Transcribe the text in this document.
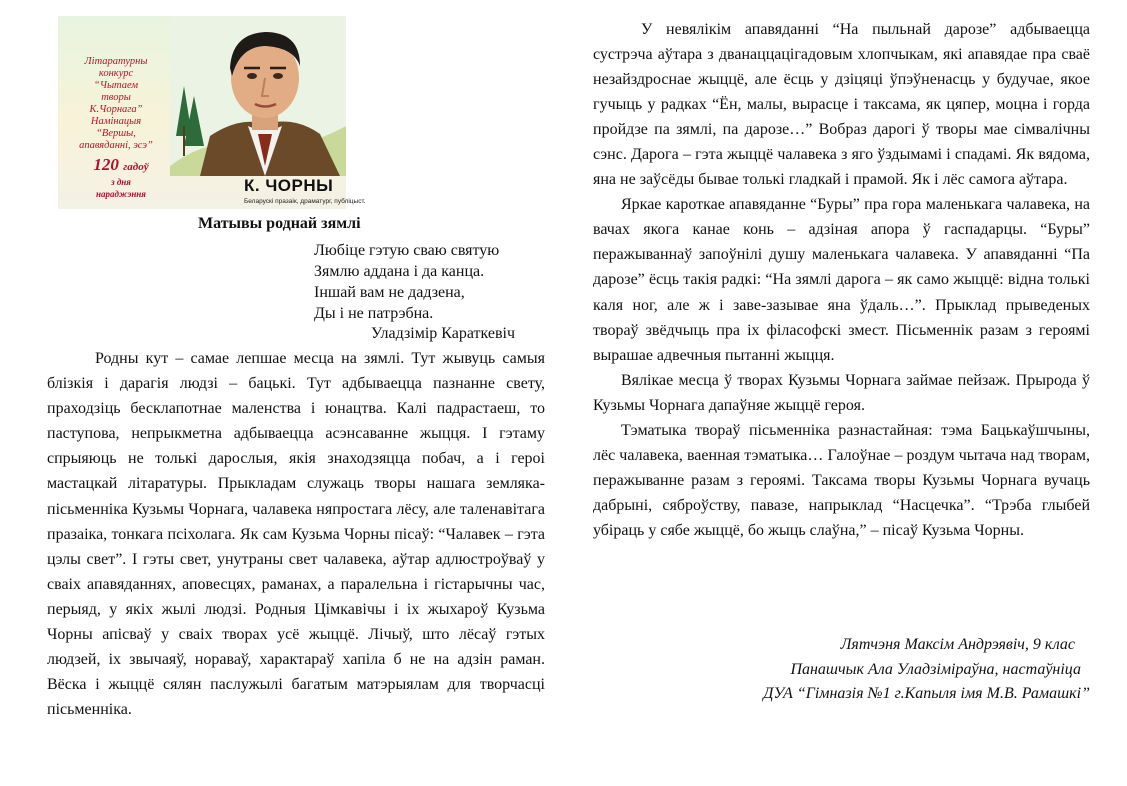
Літаратурны
конкурс
“Чытаем
творы
К.Чорнага”
Намінацыя
“Вершы,
апавяданні, эсэ”
120 гадоў
з дня нараджэння	К. ЧОРНЫ
Беларускі празаік, драматург, публіцыст.
Матывы роднай зямлі
Любіце гэтую сваю святую
Зямлю аддана і да канца.
Іншай вам не дадзена,
Ды і не патрэбна.
Уладзімір Караткевіч

Родны кут – самае лепшае месца на зямлі. Тут жывуць самыя блізкія і дарагія людзі – бацькі. Тут адбываецца пазнанне свету, праходзіць бесклапотнае маленства і юнацтва. Калі падрастаеш, то паступова, непрыкметна адбываецца асэнсаванне жыцця. І гэтаму спрыяюць не толькі дарослыя, якія знаходзяцца побач, а і героі мастацкай літаратуры. Прыкладам служаць творы нашага земляка-пісьменніка Кузьмы Чорнага, чалавека няпростага лёсу, але таленавітага празаіка, тонкага псіхолага. Як сам Кузьма Чорны пісаў: “Чалавек – гэта цэлы свет”. І гэты свет, унутраны свет чалавека, аўтар адлюстроўваў у сваіх апавяданнях, аповесцях, раманах, а паралельна і гістарычны час, перыяд, у якіх жылі людзі. Родныя Цімкавічы і іх жыхароў Кузьма Чорны апісваў у сваіх творах усё жыццё. Лічыў, што лёсаў гэтых людзей, іх звычаяў, нораваў, характараў хапіла б не на адзін раман. Вёска і жыццё сялян паслужылі багатым матэрыялам для творчасці пісьменніка.

У невялікім апавяданні “На пыльнай дарозе” адбываецца сустрэча аўтара з дванаццацігадовым хлопчыкам, які апавядае пра сваё незайздроснае жыццё, але ёсць у дзіцяці ўпэўненасць у будучае, якое гучыць у радках “Ён, малы, вырасце і таксама, як цяпер, моцна і горда пройдзе па зямлі, па дарозе…” Вобраз дарогі ў творы мае сімвалічны сэнс. Дарога – гэта жыццё чалавека з яго ўздымамі і спадамі. Як вядома, яна не заўсёды бывае толькі гладкай і прамой. Як і лёс самога аўтара.

Яркае кароткае апавяданне “Буры” пра гора маленькага чалавека, на вачах якога канае конь – адзіная апора ў гаспадарцы. “Буры” перажываннаў запоўнілі душу маленькага чалавека. У апавяданні “Па дарозе” ёсць такія радкі: “На зямлі дарога – як само жыццё: відна толькі каля ног, але ж і заве-зазывае яна ўдаль…”. Прыклад прыведеных твораў звёдчыць пра іх філасофскі змест. Пісьменнік разам з героямі вырашае адвечныя пытанні жыцця.

Вялікае месца ў творах Кузьмы Чорнага займае пейзаж. Прырода ў Кузьмы Чорнага дапаўняе жыццё героя.

Тэматыка твораў пісьменніка разнастайная: тэма Бацькаўшчыны, лёс чалавека, ваенная тэматыка… Галоўнае – роздум чытача над творам, перажыванне разам з героямі. Таксама творы Кузьмы Чорнага вучаць дабрыні, сяброўству, павазе, напрыклад “Насцечка”. “Трэба глыбей убіраць у сябе жыццё, бо жыць слаўна,” – пісаў Кузьма Чорны.

Лятчэня Максім Андрэявіч, 9 клас
Панашчык Ала Уладзіміраўна, настаўніца
ДУА “Гімназія №1 г.Капыля імя М.В. Рамашкі”
